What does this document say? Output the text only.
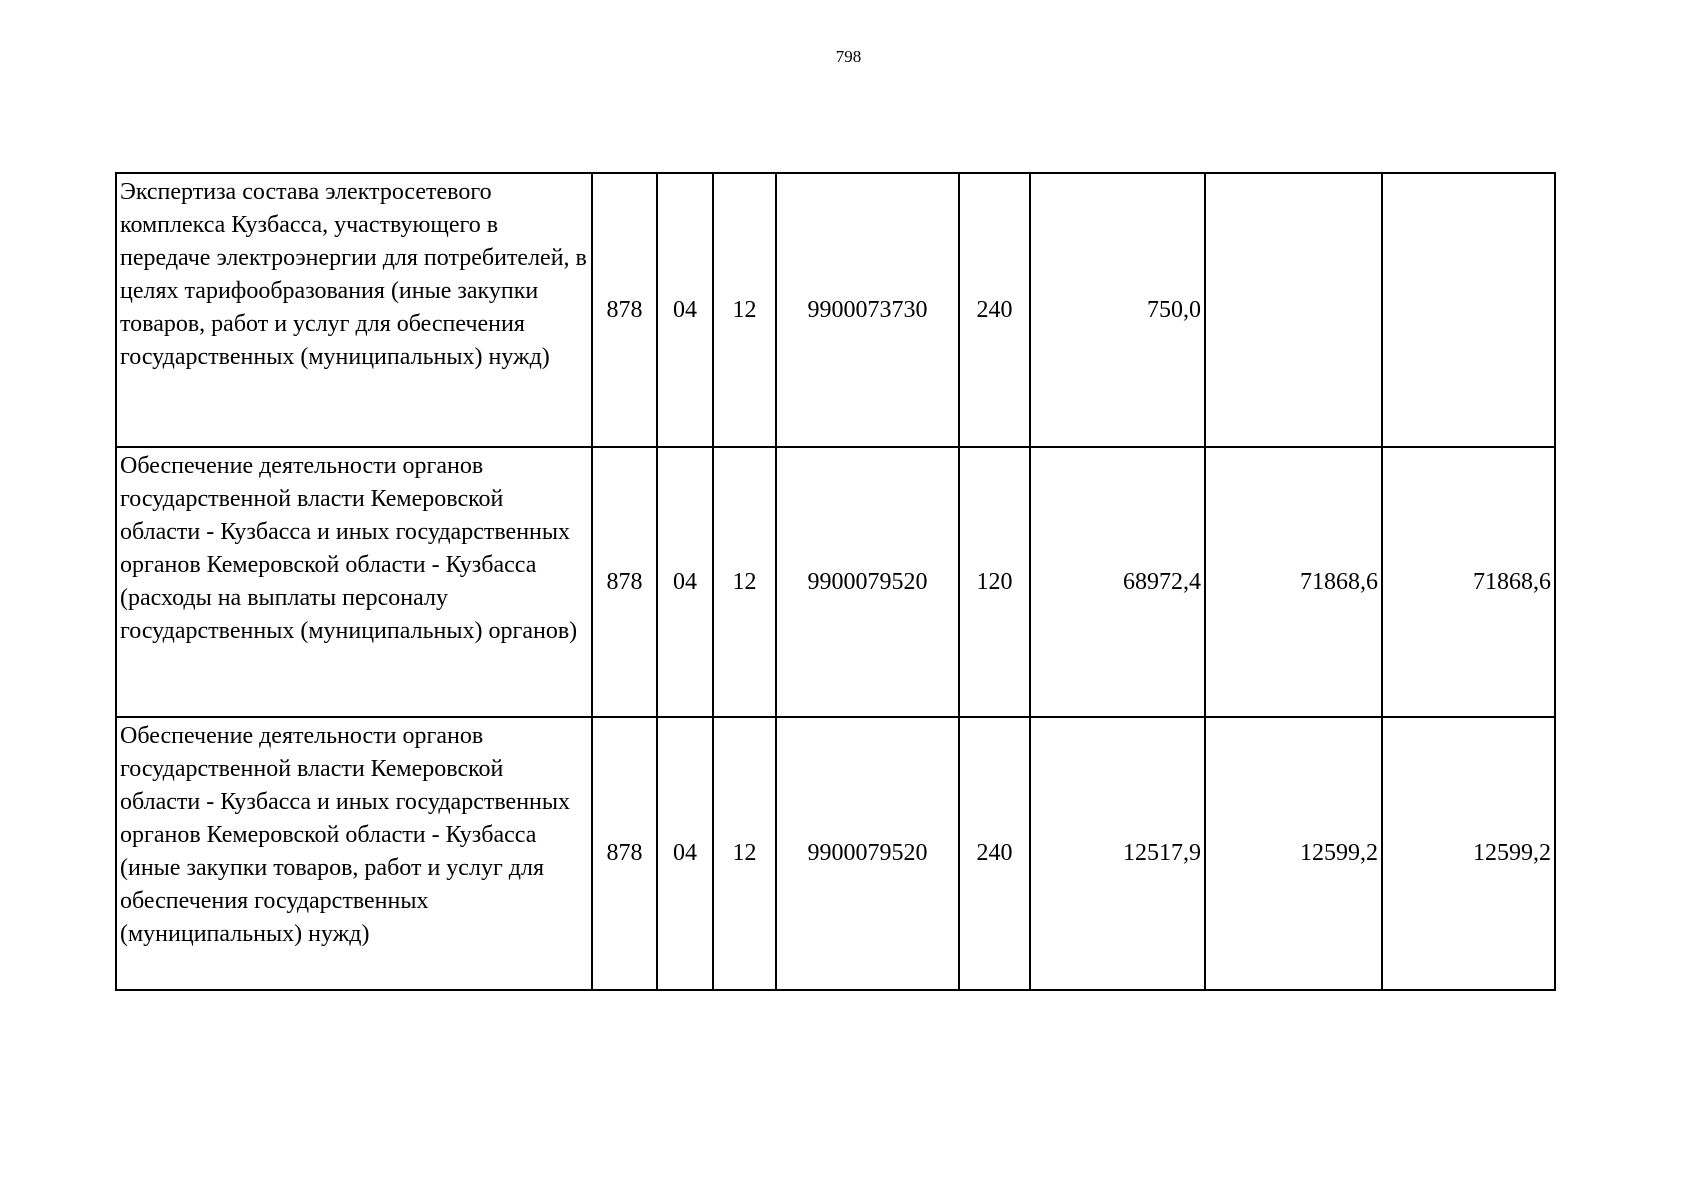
798
Экспертиза состава электросетевого комплекса Кузбасса, участвующего в передаче электроэнергии для потребителей, в целях тарифообразования (иные закупки товаров, работ и услуг для обеспечения государственных (муниципальных) нужд)	878	04	12	9900073730	240	750,0		
Обеспечение деятельности органов государственной власти Кемеровской области - Кузбасса и иных государственных органов Кемеровской области - Кузбасса (расходы на выплаты персоналу государственных (муниципальных) органов)	878	04	12	9900079520	120	68972,4	71868,6	71868,6
Обеспечение деятельности органов государственной власти Кемеровской области - Кузбасса и иных государственных органов Кемеровской области - Кузбасса (иные закупки товаров, работ и услуг для обеспечения государственных (муниципальных) нужд)	878	04	12	9900079520	240	12517,9	12599,2	12599,2
